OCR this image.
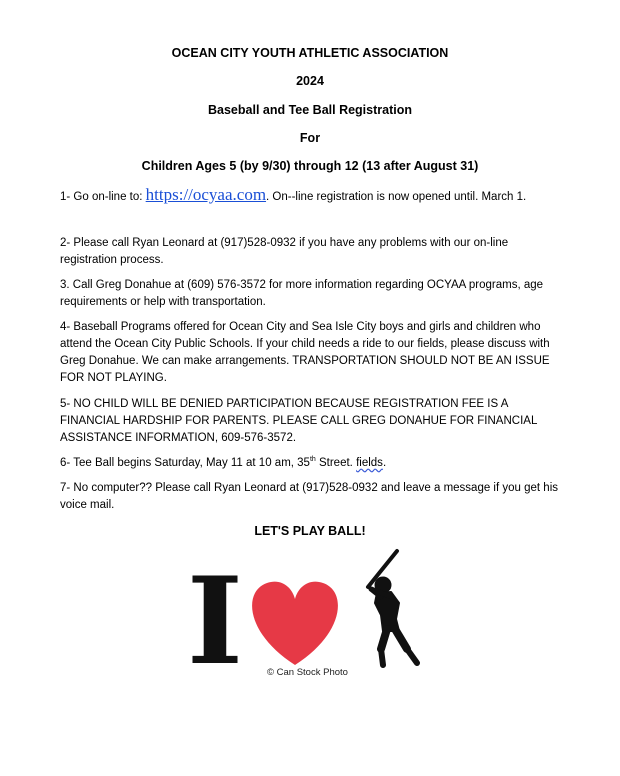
OCEAN CITY YOUTH ATHLETIC ASSOCIATION
2024
Baseball and Tee Ball Registration
For
Children Ages 5 (by 9/30) through 12 (13 after August 31)
1- Go on-line to: https://ocyaa.com. On--line registration is now opened until. March 1.
2- Please call Ryan Leonard at (917)528-0932 if you have any problems with our on-line registration process.
3. Call Greg Donahue at (609) 576-3572 for more information regarding OCYAA programs, age requirements or help with transportation.
4- Baseball Programs offered for Ocean City and Sea Isle City boys and girls and children who attend the Ocean City Public Schools. If your child needs a ride to our fields, please discuss with Greg Donahue. We can make arrangements. TRANSPORTATION SHOULD NOT BE AN ISSUE FOR NOT PLAYING.
5- NO CHILD WILL BE DENIED PARTICIPATION BECAUSE REGISTRATION FEE IS A FINANCIAL HARDSHIP FOR PARENTS. PLEASE CALL GREG DONAHUE FOR FINANCIAL ASSISTANCE INFORMATION, 609-576-3572.
6- Tee Ball begins Saturday, May 11 at 10 am, 35th Street. fields.
7- No computer?? Please call Ryan Leonard at (917)528-0932 and leave a message if you get his voice mail.
LET'S PLAY BALL!
I	© Can Stock Photo
